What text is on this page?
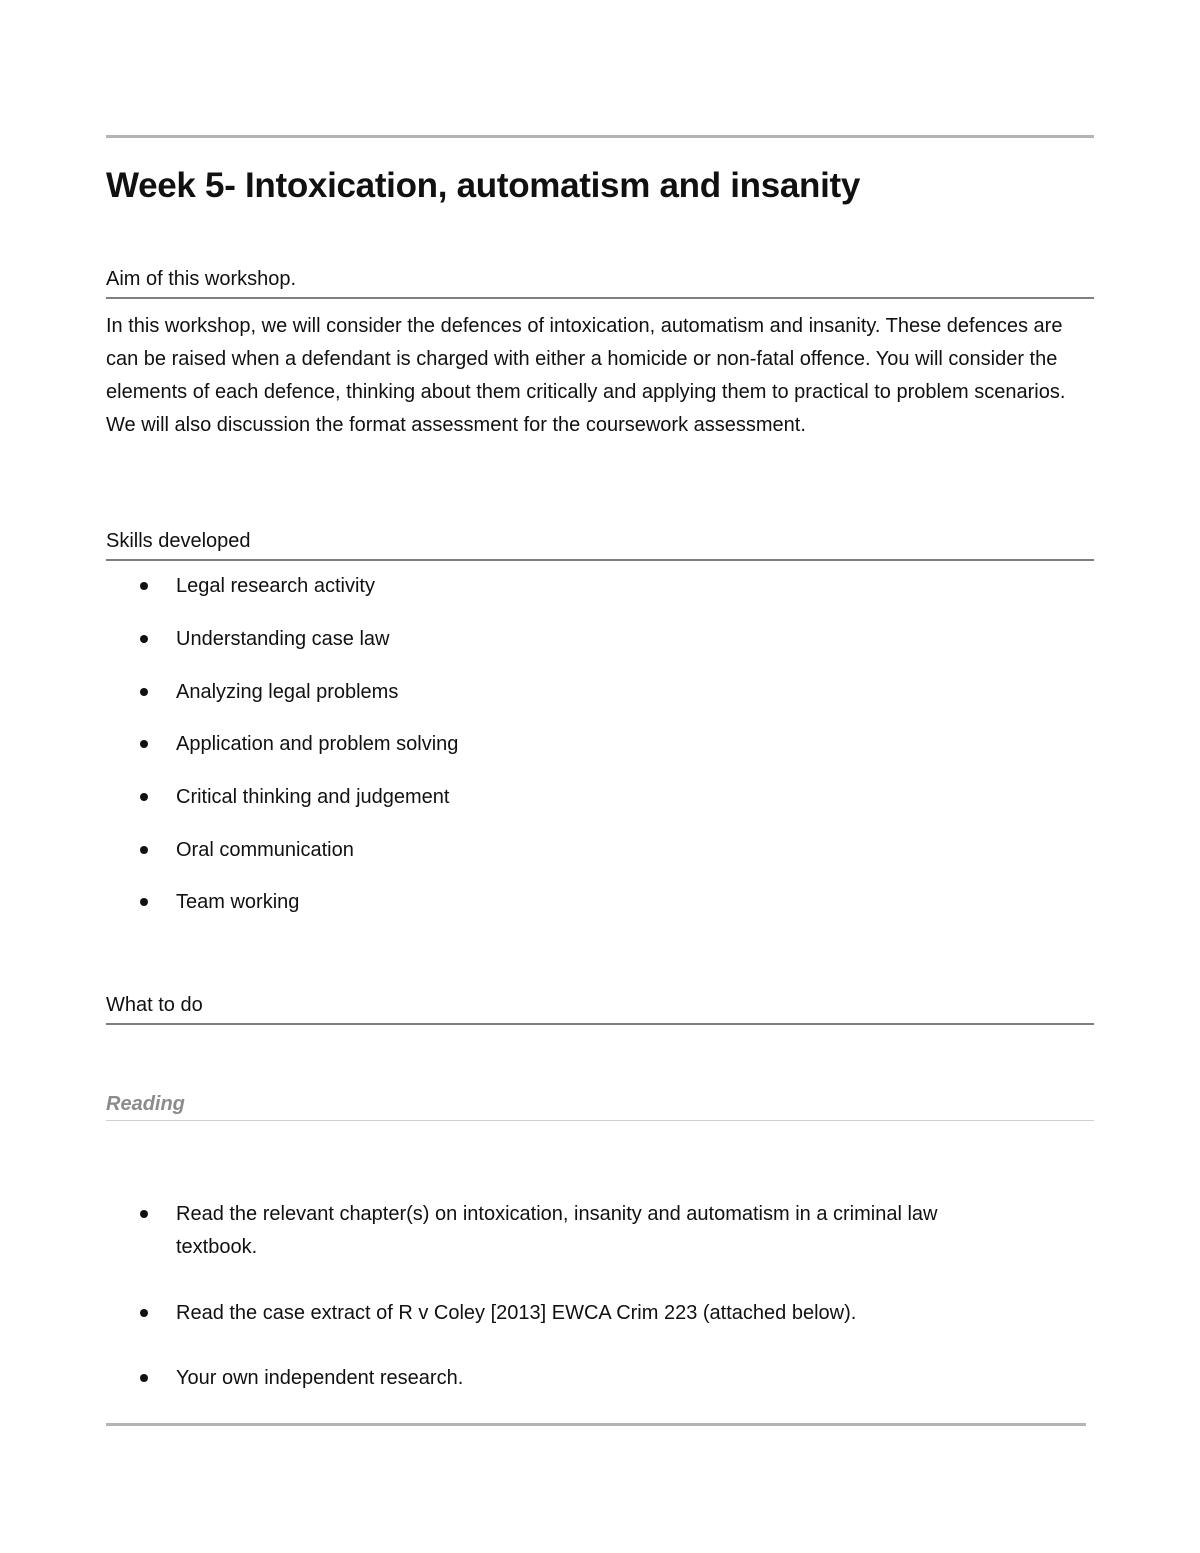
Week 5- Intoxication, automatism and insanity
Aim of this workshop.

In this workshop, we will consider the defences of intoxication, automatism and insanity. These defences are can be raised when a defendant is charged with either a homicide or non-fatal offence. You will consider the elements of each defence, thinking about them critically and applying them to practical to problem scenarios. We will also discussion the format assessment for the coursework assessment.

Skills developed
Legal research activity
Understanding case law
Analyzing legal problems
Application and problem solving
Critical thinking and judgement
Oral communication
Team working
What to do
Reading
Read the relevant chapter(s) on intoxication, insanity and automatism in a criminal law textbook.
Read the case extract of R v Coley [2013] EWCA Crim 223 (attached below).
Your own independent research.
